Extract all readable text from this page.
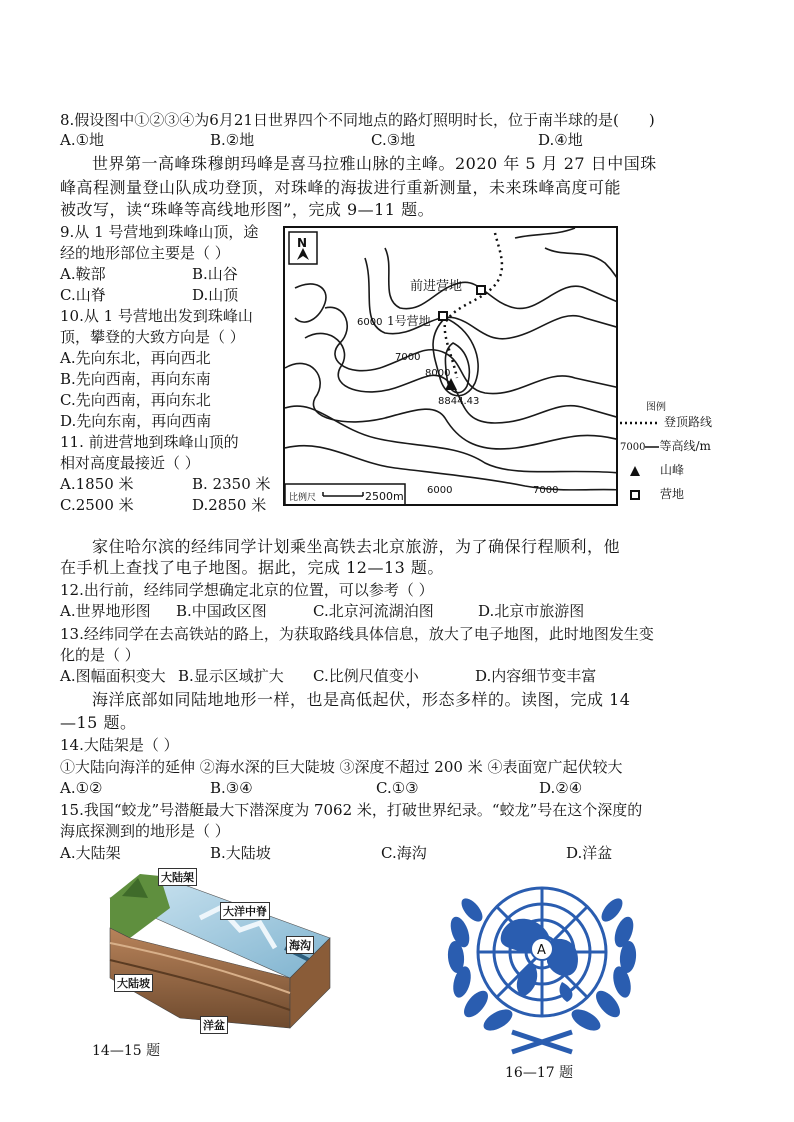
8.假设图中①②③④为6月21日世界四个不同地点的路灯照明时长，位于南半球的是( )
A.①地	B.②地	C.③地	D.④地
世界第一高峰珠穆朗玛峰是喜马拉雅山脉的主峰。2020 年 5 月 27 日中国珠
峰高程测量登山队成功登顶，对珠峰的海拔进行重新测量，未来珠峰高度可能
被改写，读“珠峰等高线地形图”，完成 9—11 题。
9.从 1 号营地到珠峰山顶，途
经的地形部位主要是（ ）
A.鞍部	B.山谷
C.山脊	D.山顶
10.从 1 号营地出发到珠峰山
顶，攀登的大致方向是（ ）
A.先向东北，再向西北
B.先向西南，再向东南
C.先向西南，再向东北
D.先向东南，再向西南
11. 前进营地到珠峰山顶的
相对高度最接近（ ）
A.1850 米	B. 2350 米
C.2500 米	D.2850 米
N
前进营地
6000 1号营地
7000
8000
8844.43
比例尺	2500m 6000	7000
图例
登顶路线
7000 等高线/m
山峰
营地
家住哈尔滨的经纬同学计划乘坐高铁去北京旅游，为了确保行程顺利，他
在手机上查找了电子地图。据此，完成 12—13 题。
12.出行前，经纬同学想确定北京的位置，可以参考（ ）
A.世界地形图 B.中国政区图	C.北京河流湖泊图	D.北京市旅游图
13.经纬同学在去高铁站的路上，为获取路线具体信息，放大了电子地图，此时地图发生变
化的是（ ）
A.图幅面积变大 B.显示区域扩大 C.比例尺值变小	D.内容细节变丰富
海洋底部如同陆地地形一样，也是高低起伏，形态多样的。读图，完成 14
—15 题。
14.大陆架是（ ）
①大陆向海洋的延伸 ②海水深的巨大陡坡 ③深度不超过 200 米 ④表面宽广起伏较大
A.①②	B.③④	C.①③	D.②④
15.我国“蛟龙”号潜艇最大下潜深度为 7062 米，打破世界纪录。“蛟龙”号在这个深度的
海底探测到的地形是（ ）
A.大陆架	B.大陆坡	C.海沟	D.洋盆
大陆架
大洋中脊
海沟
大陆坡
洋盆
14—15 题
A
16—17 题
